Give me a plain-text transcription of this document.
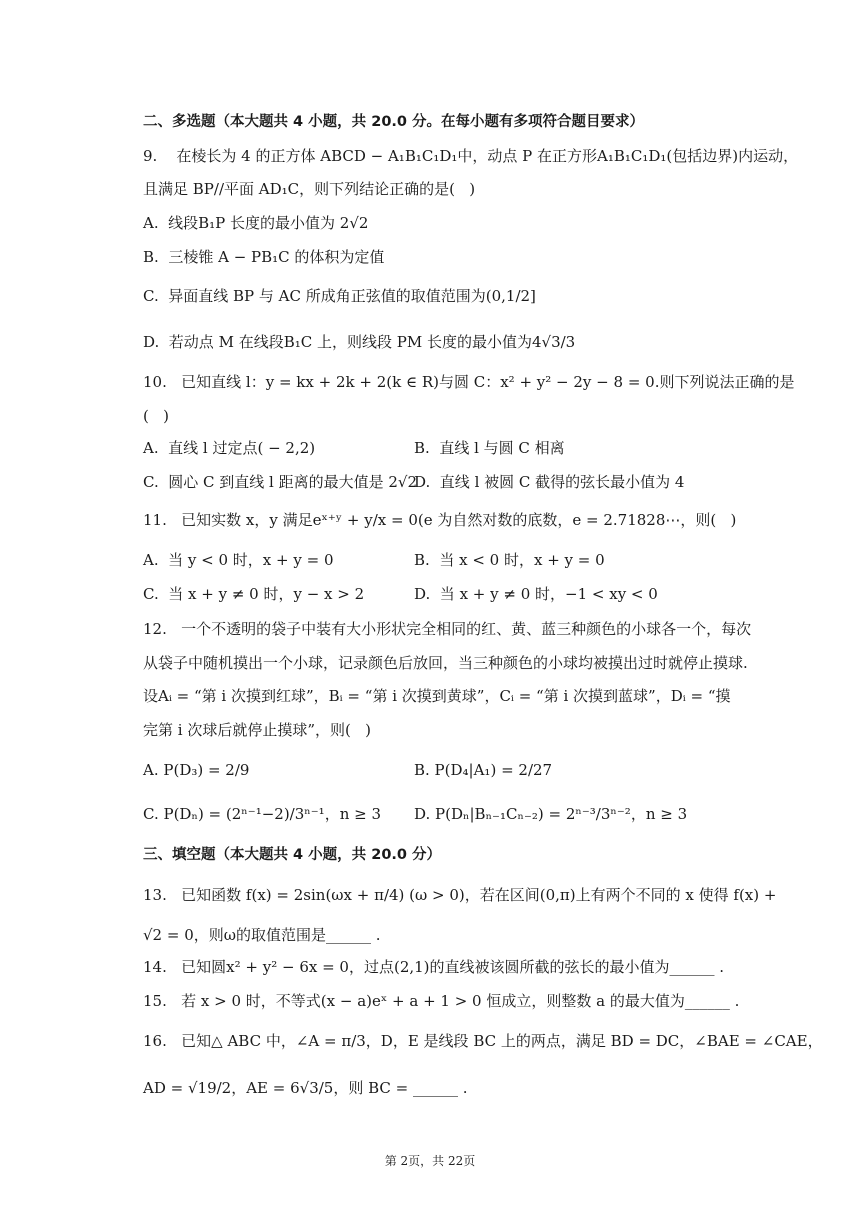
二、多选题（本大题共 4 小题，共 20.0 分。在每小题有多项符合题目要求）
9.    在棱长为 4 的正方体 ABCD − A₁B₁C₁D₁中，动点 P 在正方形A₁B₁C₁D₁(包括边界)内运动，
且满足 BP//平面 AD₁C，则下列结论正确的是(   )
A.  线段B₁P 长度的最小值为 2√2
B.  三棱锥 A − PB₁C 的体积为定值
C.  异面直线 BP 与 AC 所成角正弦值的取值范围为(0,1/2]
D.  若动点 M 在线段B₁C 上，则线段 PM 长度的最小值为4√3/3
10.   已知直线 l：y = kx + 2k + 2(k ∈ R)与圆 C：x² + y² − 2y − 8 = 0.则下列说法正确的是
(   )
A.  直线 l 过定点( − 2,2)	B.  直线 l 与圆 C 相离
C.  圆心 C 到直线 l 距离的最大值是 2√2
D.  直线 l 被圆 C 截得的弦长最小值为 4
11.   已知实数 x，y 满足eˣ⁺ʸ + y/x = 0(e 为自然对数的底数，e = 2.71828⋯，则(   )
A.  当 y < 0 时，x + y = 0	B.  当 x < 0 时，x + y = 0
C.  当 x + y ≠ 0 时，y − x > 2	D.  当 x + y ≠ 0 时，−1 < xy < 0
12.   一个不透明的袋子中装有大小形状完全相同的红、黄、蓝三种颜色的小球各一个，每次
从袋子中随机摸出一个小球，记录颜色后放回，当三种颜色的小球均被摸出过时就停止摸球.
设Aᵢ = “第 i 次摸到红球”，Bᵢ = “第 i 次摸到黄球”，Cᵢ = “第 i 次摸到蓝球”，Dᵢ = “摸
完第 i 次球后就停止摸球”，则(   )
A. P(D₃) = 2/9	B. P(D₄|A₁) = 2/27
C. P(Dₙ) = (2ⁿ⁻¹−2)/3ⁿ⁻¹，n ≥ 3 D. P(Dₙ|Bₙ₋₁Cₙ₋₂) = 2ⁿ⁻³/3ⁿ⁻²，n ≥ 3
三、填空题（本大题共 4 小题，共 20.0 分）
13.   已知函数 f(x) = 2sin(ωx + π/4) (ω > 0)，若在区间(0,π)上有两个不同的 x 使得 f(x) +
√2 = 0，则ω的取值范围是______ .
14.   已知圆x² + y² − 6x = 0，过点(2,1)的直线被该圆所截的弦长的最小值为______ .
15.   若 x > 0 时，不等式(x − a)eˣ + a + 1 > 0 恒成立，则整数 a 的最大值为______ .
16.   已知△ ABC 中，∠A = π/3，D，E 是线段 BC 上的两点，满足 BD = DC，∠BAE = ∠CAE，
AD = √19/2，AE = 6√3/5，则 BC = ______ .
第 2页，共 22页
